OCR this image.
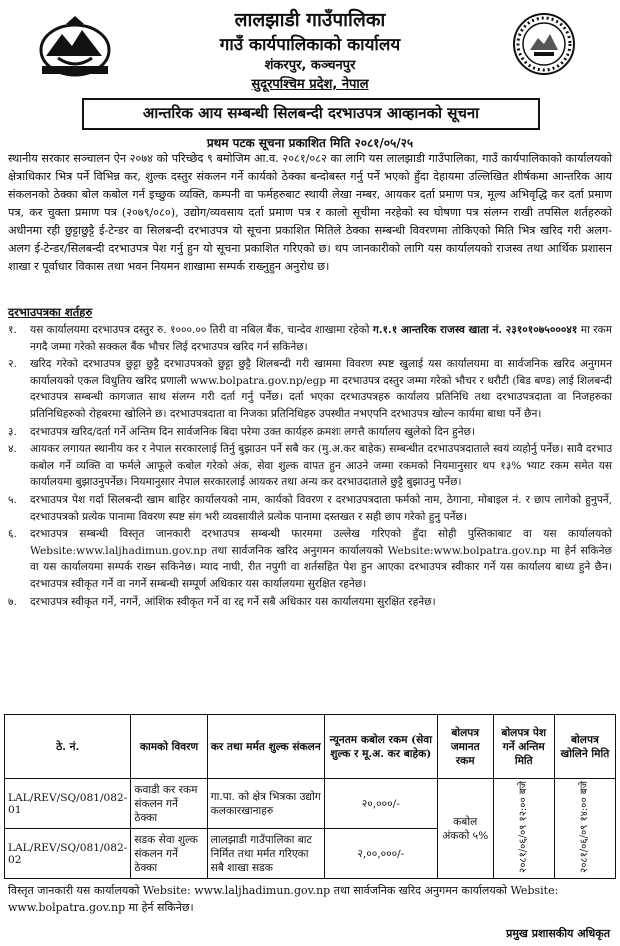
लालझाडी गाउँपालिका
गाउँ कार्यपालिकाको कार्यालय
शंकरपुर, कञ्चनपुर
सुदूरपश्चिम प्रदेश, नेपाल
आन्तरिक आय सम्बन्धी सिलबन्दी दरभाउपत्र आव्हानको सूचना
प्रथम पटक सूचना प्रकाशित मिति २०८१/०५/२५
स्थानीय सरकार सञ्चालन ऐन २०७४ को परिच्छेद ९ बमोजिम आ.व. २०८१/०८२ का लागि यस लालझाडी गाउँपालिका, गाउँ कार्यपालिकाको कार्यालयको क्षेत्राधिकार भित्र पर्ने विभिन्न कर, शुल्क दस्तुर संकलन गर्ने कार्यको ठेक्का बन्दोबस्त गर्नु पर्ने भएको हुँदा देहायमा उल्लिखित शीर्षकमा आन्तरिक आय संकलनको ठेक्का बोल कबोल गर्न इच्छुक व्यक्ति, कम्पनी वा फर्महरुबाट स्थायी लेखा नम्बर, आयकर दर्ता प्रमाण पत्र, मूल्य अभिवृद्धि कर दर्ता प्रमाण पत्र, कर चुक्ता प्रमाण पत्र (२०७९/०८०), उद्योग/व्यवसाय दर्ता प्रमाण पत्र र कालो सूचीमा नरहेको स्व घोषणा पत्र संलग्न राखी तपसिल शर्तहरुको अधीनमा रही छुट्टाछुट्टै ई-टेन्डर वा सिलबन्दी दरभाउपत्र यो सूचना प्रकाशित मितिले ठेक्का सम्बन्धी विवरणमा तोकिएको मिति भित्र खरिद गरी अलग-अलग ई-टेन्डर/सिलबन्दी दरभाउपत्र पेश गर्नु हुन यो सूचना प्रकाशित गरिएको छ। थप जानकारीको लागि यस कार्यालयको राजस्व तथा आर्थिक प्रशासन शाखा र पूर्वाधार विकास तथा भवन नियमन शाखामा सम्पर्क राख्नुहुन अनुरोध छ।
दरभाउपत्रका शर्तहरु
१.	यस कार्यालयमा दरभाउपत्र दस्तुर रु. १०००.०० तिरी वा नबिल बैंक, चान्देव शाखामा रहेको ग.१.१ आन्तरिक राजस्व खाता नं. २३१०१०७५०००४१ मा रकम नगदै जम्मा गरेको सक्कल बैंक भौचर लिई दरभाउपत्र खरिद गर्न सकिनेछ।
२.	खरिद गरेको दरभाउपत्र छुट्टा छुट्टै दरभाउपत्रको छुट्टा छुट्टै शिलबन्दी गरी खाममा विवरण स्पष्ट खुलाई यस कार्यालयमा वा सार्वजनिक खरिद अनुगमन कार्यालयको एकल विधुतिय खरिद प्रणाली www.bolpatra.gov.np/egp मा दरभाउपत्र दस्तुर जम्मा गरेको भौचर र धरौटी (बिड बण्ड) लाई शिलबन्दी दरभाउपत्र सम्बन्धी कागजात साथ संलग्न गरी दर्ता गर्नु पर्नेछ। दर्ता भएका दरभाउपत्रहरु कार्यालय प्रतिनिधि तथा दरभाउपत्रदाता वा निजहरुका प्रतिनिधिहरुको रोहबरमा खोलिने छ। दरभाउपत्रदाता वा निजका प्रतिनिधिहरु उपस्थीत नभएपनि दरभाउपत्र खोल्न कार्यमा बाधा पर्ने छैन।
३.	दरभाउपत्र खरिद/दर्ता गर्ने अन्तिम दिन सार्वजनिक बिदा परेमा उक्त कार्यहरु क्रमशः लगत्तै कार्यालय खुलेको दिन हुनेछ।
४.	आयकर लगायत स्थानीय कर र नेपाल सरकारलाई तिर्नु बुझाउन पर्ने सबै कर (मु.अ.कर बाहेक) सम्बन्धीत दरभाउपत्रदाताले स्वयं व्यहोर्नु पर्नेछ। सावै दरभाउ कबोल गर्ने व्यक्ति वा फर्मले आफूले कबोल गरेको अंक, सेवा शुल्क वापत हुन आउने जम्मा रकमको नियमानुसार थप १३% भ्याट रकम समेत यस कार्यालयमा बुझाउनुपर्नेछ। नियमानुसार नेपाल सरकारलाई आयकर तथा अन्य कर दरभाउदाताले छुट्टै बुझाउनु पर्नेछ।
५.	दरभाउपत्र पेश गर्दा सिलबन्दी खाम बाहिर कार्यालयको नाम, कार्यको विवरण र दरभाउपत्रदाता फर्मको नाम, ठेगाना, मोबाइल नं. र छाप लागेको हुनुपर्ने, दरभाउपत्रको प्रत्येक पानामा विवरण स्पष्ट संग भरी व्यवसायीले प्रत्येक पानामा दस्तखत र सही छाप गरेको हुनु पर्नेछ।
६.	दरभाउपत्र सम्बन्धी विस्तृत जानकारी दरभाउपत्र सम्बन्धी फारममा उल्लेख गरिएको हुँदा सोही पुस्तिकाबाट वा यस कार्यालयको Website:www.laljhadimun.gov.np तथा सार्वजनिक खरिद अनुगमन कार्यालयको Website:www.bolpatra.gov.np मा हेर्न सकिनेछ वा यस कार्यालयमा सम्पर्क राख्न सकिनेछ। म्याद नाघी, रीत नपुगी वा शर्तसहित पेश हुन आएका दरभाउपत्र स्वीकार गर्ने यस कार्यालय बाध्य हुने छैन। दरभाउपत्र स्वीकृत गर्ने वा नगर्ने सम्बन्धी सम्पूर्ण अधिकार यस कार्यालयमा सुरक्षित रहनेछ।
७.	दरभाउपत्र स्वीकृत गर्ने, नगर्ने, आंशिक स्वीकृत गर्ने वा रद्द गर्ने सबै अधिकार यस कार्यालयमा सुरक्षित रहनेछ।
ठे. नं.	कामको विवरण	कर तथा मर्मत शुल्क संकलन	न्यूनतम कबोल रकम (सेवा शुल्क र मू.अ. कर बाहेक)	बोलपत्र जमानत रकम	बोलपत्र पेश गर्ने अन्तिम मिति	बोलपत्र खोलिने मिति
LAL/REV/SQ/081/082-01	कवाडी कर रकम संकलन गर्ने ठेक्का	गा.पा. को क्षेत्र भित्रका उद्योग कलकारखानाहरु	२०,०००/-	कबोल अंकको ५%	२०८१/०६/०९ १२:०० बजे	२०८१/०६/०९ १४:०० बजे
LAL/REV/SQ/081/082-02	सडक सेवा शुल्क संकलन गर्ने ठेक्का	लालझाडी गाउँपालिका बाट निर्मित तथा मर्मत गरिएका सबै शाखा सडक	२,००,०००/-			
विस्तृत जानकारी यस कार्यालयको Website: www.laljhadimun.gov.np तथा सार्वजनिक खरिद अनुगमन कार्यालयको Website: www.bolpatra.gov.np मा हेर्न सकिनेछ।
प्रमुख प्रशासकीय अधिकृत
